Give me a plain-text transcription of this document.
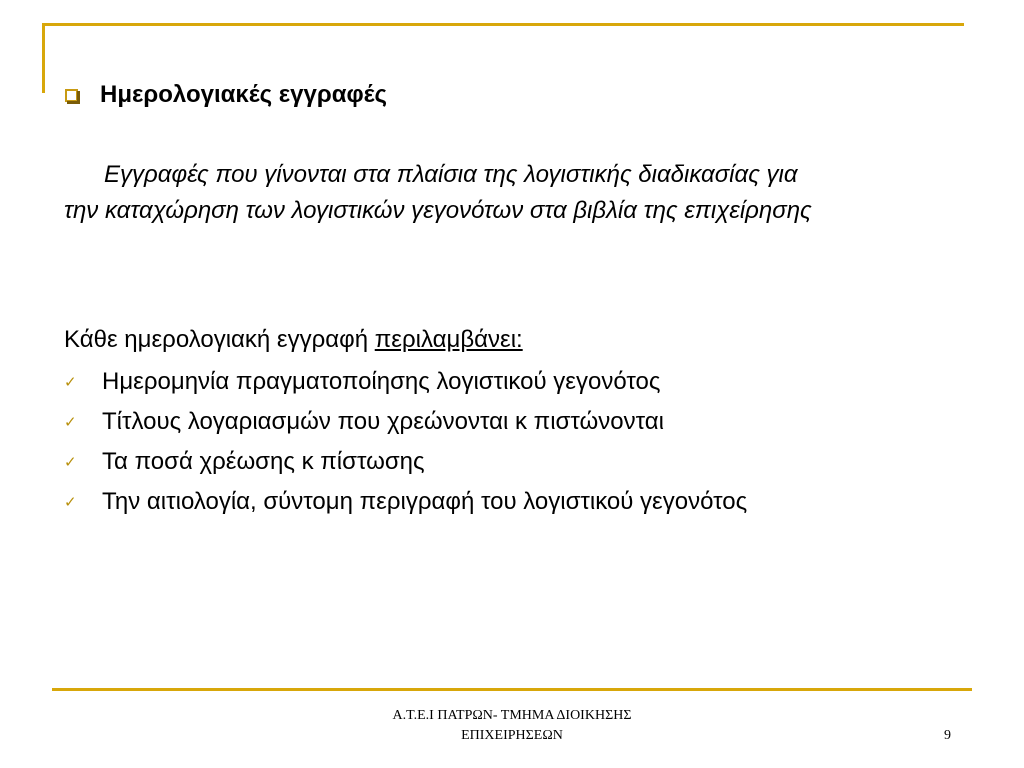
Ημερολογιακές εγγραφές
Εγγραφές που γίνονται στα πλαίσια της λογιστικής διαδικασίας για
την καταχώρηση των λογιστικών γεγονότων στα βιβλία της επιχείρησης
Κάθε ημερολογιακή εγγραφή περιλαμβάνει:
✓	Ημερομηνία πραγματοποίησης λογιστικού γεγονότος
✓	Τίτλους λογαριασμών που χρεώνονται κ πιστώνονται
✓	Τα ποσά χρέωσης κ πίστωσης
✓	Την αιτιολογία, σύντομη περιγραφή του λογιστικού γεγονότος
Α.Τ.Ε.Ι ΠΑΤΡΩΝ- ΤΜΗΜΑ ΔΙΟΙΚΗΣΗΣ
ΕΠΙΧΕΙΡΗΣΕΩΝ	9
